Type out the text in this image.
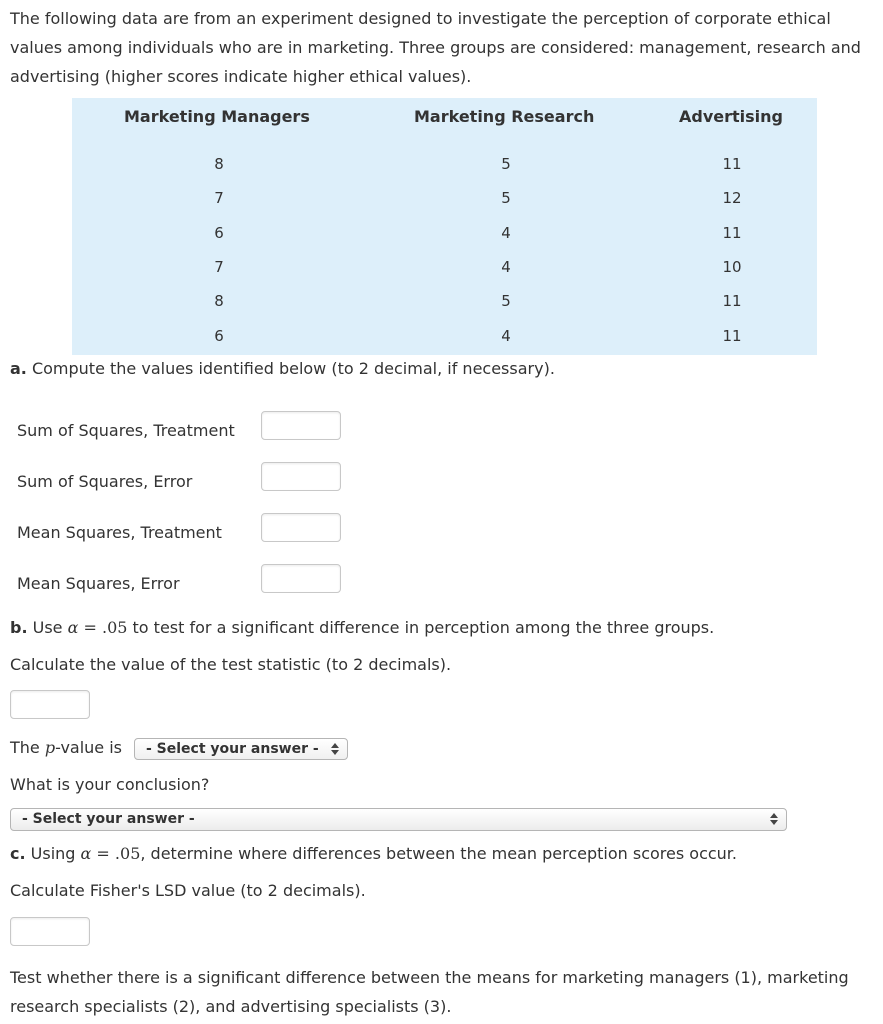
The following data are from an experiment designed to investigate the perception of corporate ethical values among individuals who are in marketing. Three groups are considered: management, research and advertising (higher scores indicate higher ethical values).

Marketing Managers	Marketing Research	Advertising
8	5	11
7	5	12
6	4	11
7	4	10
8	5	11
6	4	11

a. Compute the values identified below (to 2 decimal, if necessary).

Sum of Squares, Treatment
Sum of Squares, Error
Mean Squares, Treatment
Mean Squares, Error

b. Use α = .05 to test for a significant difference in perception among the three groups.

Calculate the value of the test statistic (to 2 decimals).

The p-value is - Select your answer -

What is your conclusion?

- Select your answer -

c. Using α = .05, determine where differences between the mean perception scores occur.

Calculate Fisher's LSD value (to 2 decimals).

Test whether there is a significant difference between the means for marketing managers (1), marketing research specialists (2), and advertising specialists (3).
